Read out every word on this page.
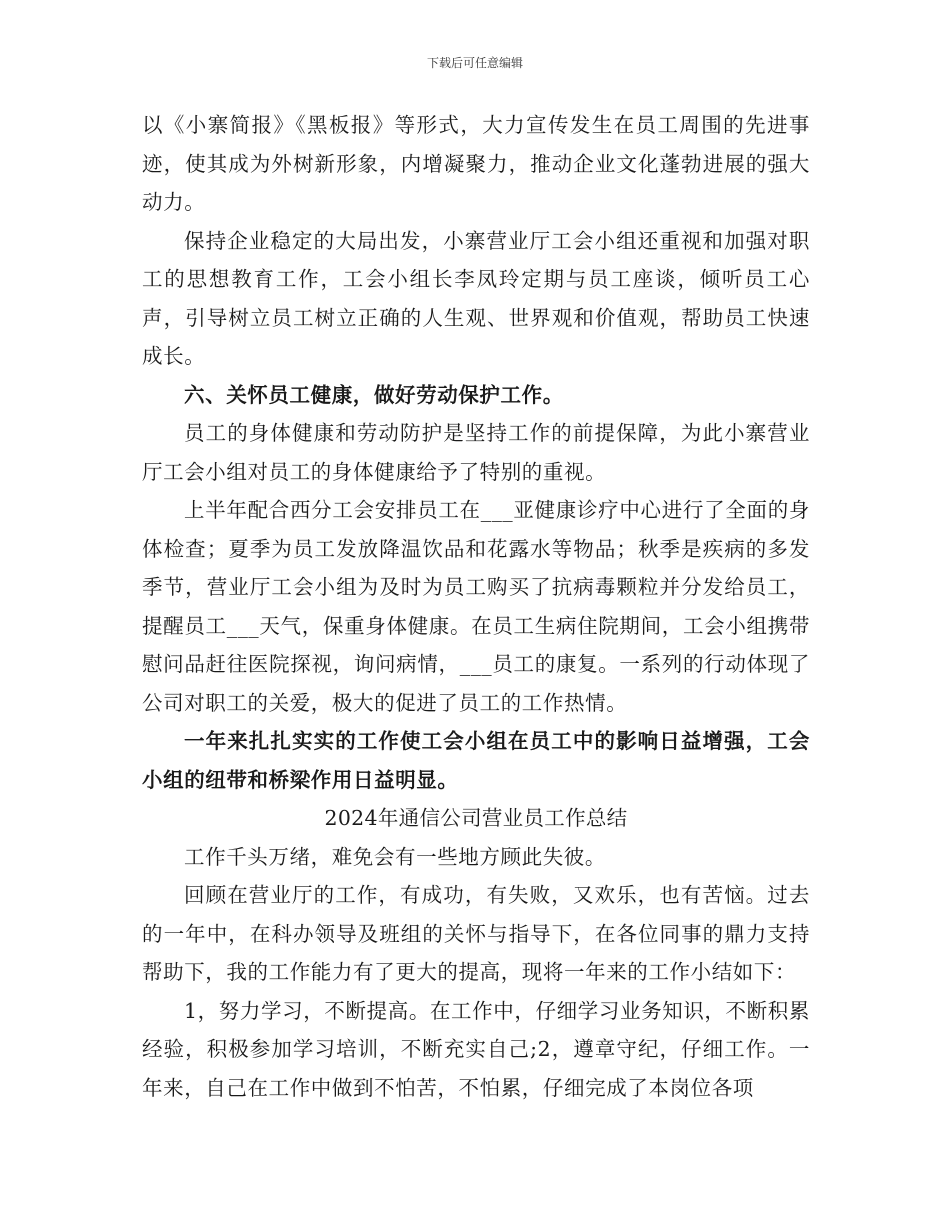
下载后可任意编辑

以《小寨简报》《黑板报》等形式，大力宣传发生在员工周围的先进事迹，使其成为外树新形象，内增凝聚力，推动企业文化蓬勃进展的强大动力。

保持企业稳定的大局出发，小寨营业厅工会小组还重视和加强对职工的思想教育工作，工会小组长李凤玲定期与员工座谈，倾听员工心声，引导树立员工树立正确的人生观、世界观和价值观，帮助员工快速成长。

六、关怀员工健康，做好劳动保护工作。

员工的身体健康和劳动防护是坚持工作的前提保障，为此小寨营业厅工会小组对员工的身体健康给予了特别的重视。

上半年配合西分工会安排员工在___亚健康诊疗中心进行了全面的身体检查；夏季为员工发放降温饮品和花露水等物品；秋季是疾病的多发季节，营业厅工会小组为及时为员工购买了抗病毒颗粒并分发给员工，提醒员工___天气，保重身体健康。在员工生病住院期间，工会小组携带慰问品赶往医院探视，询问病情，___员工的康复。一系列的行动体现了公司对职工的关爱，极大的促进了员工的工作热情。

一年来扎扎实实的工作使工会小组在员工中的影响日益增强，工会小组的纽带和桥梁作用日益明显。

2024年通信公司营业员工作总结

工作千头万绪，难免会有一些地方顾此失彼。

回顾在营业厅的工作，有成功，有失败，又欢乐，也有苦恼。过去的一年中，在科办领导及班组的关怀与指导下，在各位同事的鼎力支持帮助下，我的工作能力有了更大的提高，现将一年来的工作小结如下：

1，努力学习，不断提高。在工作中，仔细学习业务知识，不断积累经验，积极参加学习培训，不断充实自己;2，遵章守纪，仔细工作。一年来，自己在工作中做到不怕苦，不怕累，仔细完成了本岗位各项
